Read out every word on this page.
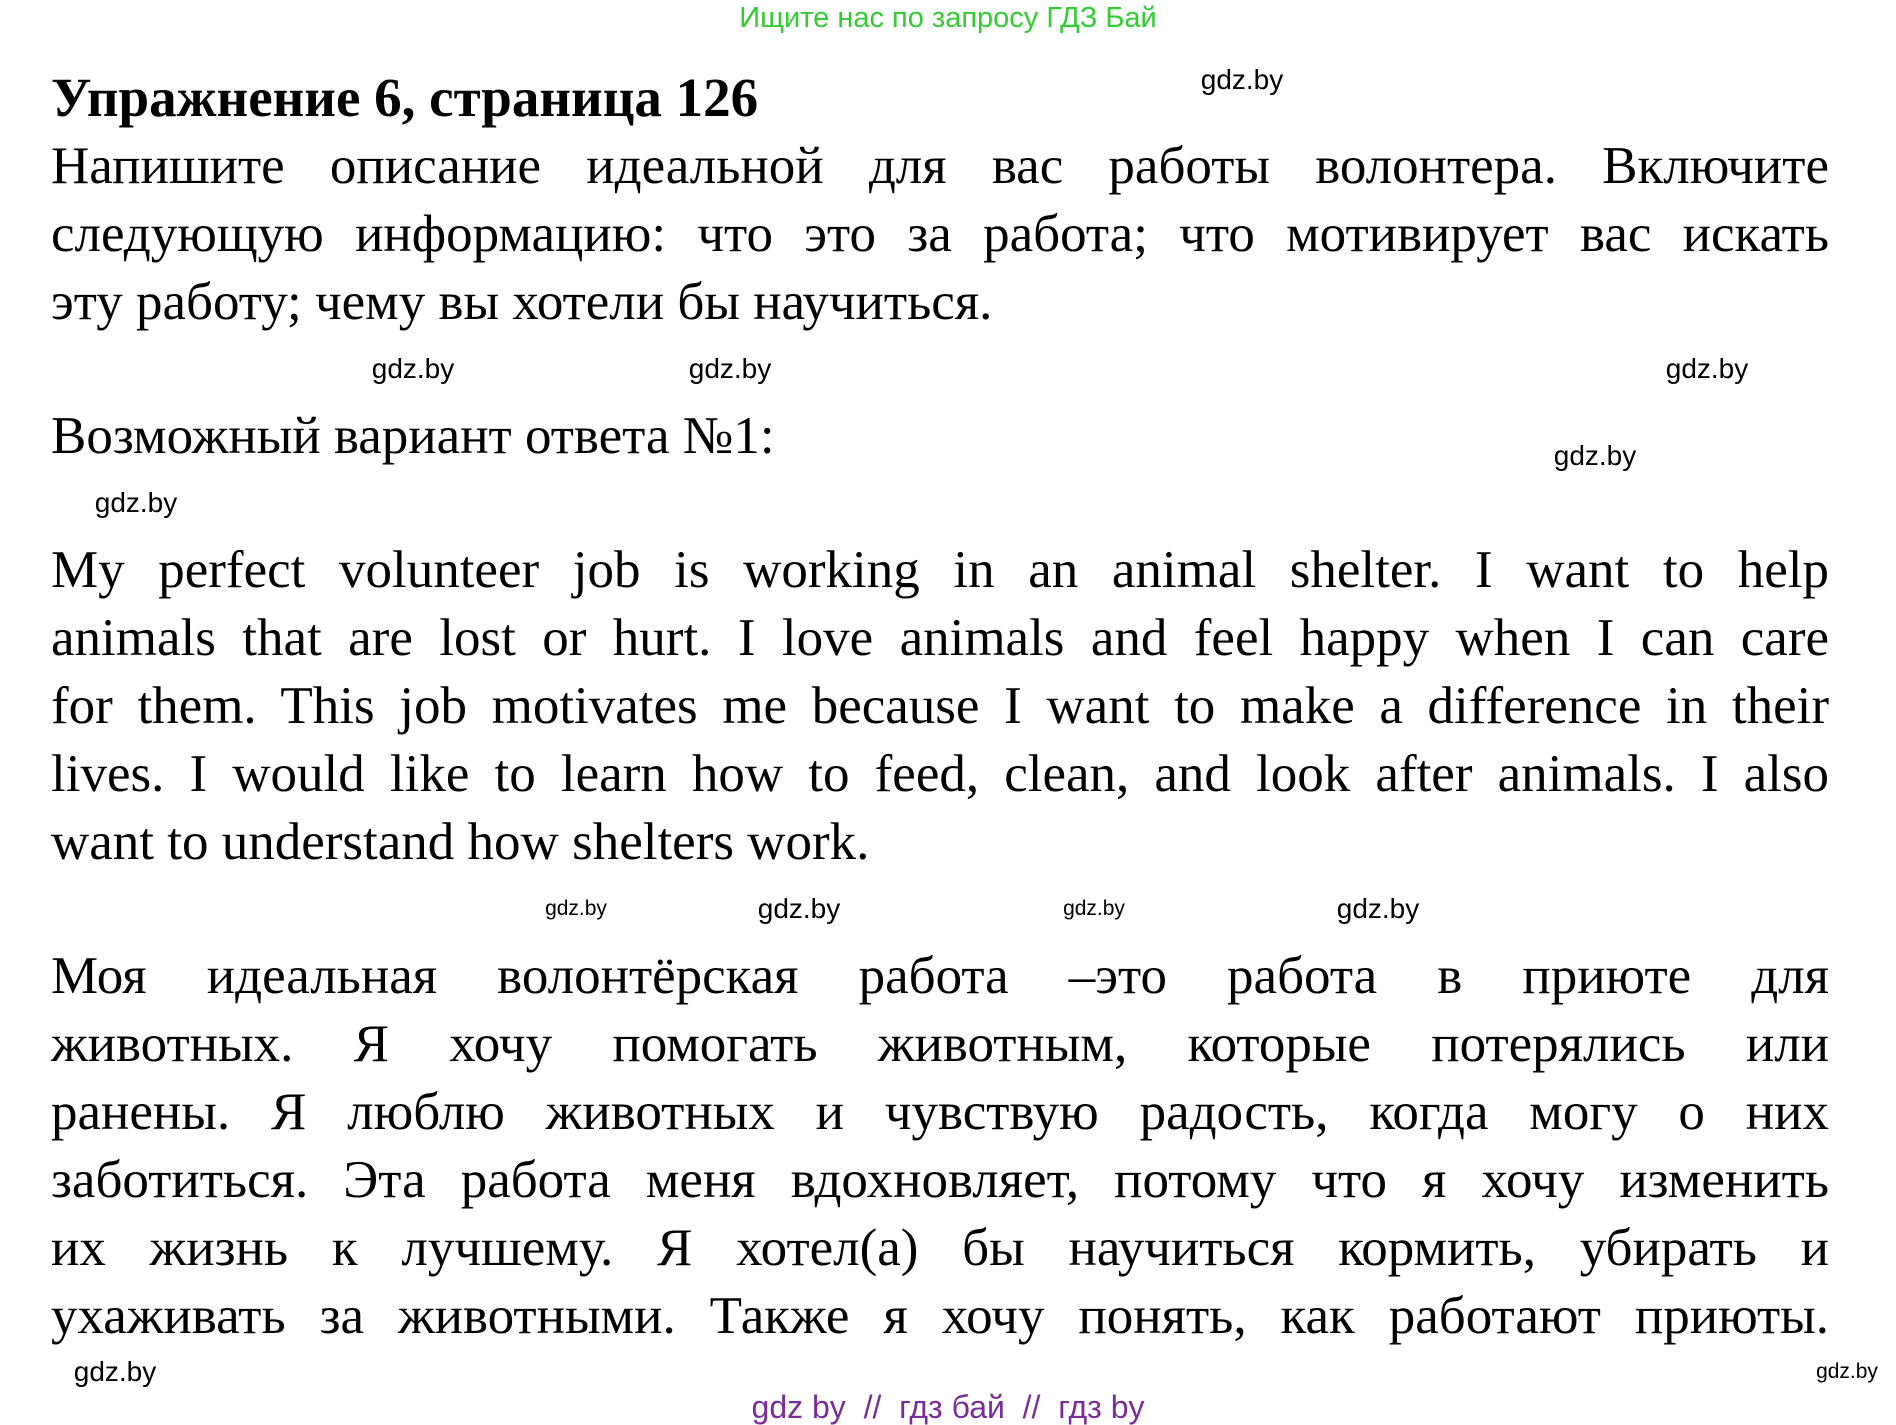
Ищите нас по запросу ГДЗ Бай
Упражнение 6, страница 126
Напишите описание идеальной для вас работы волонтера. Включите
следующую информацию: что это за работа; что мотивирует вас искать
эту работу; чему вы хотели бы научиться.
Возможный вариант ответа №1:
My perfect volunteer job is working in an animal shelter. I want to help
animals that are lost or hurt. I love animals and feel happy when I can care
for them. This job motivates me because I want to make a difference in their
lives. I would like to learn how to feed, clean, and look after animals. I also
want to understand how shelters work.
Моя идеальная волонтёрская работа –это работа в приюте для
животных. Я хочу помогать животным, которые потерялись или
ранены. Я люблю животных и чувствую радость, когда могу о них
заботиться. Эта работа меня вдохновляет, потому что я хочу изменить
их жизнь к лучшему. Я хотел(а) бы научиться кормить, убирать и
ухаживать за животными. Также я хочу понять, как работают приюты.
gdz.by
gdz.by
gdz.by
gdz.by
gdz.by
gdz.by
gdz.by
gdz.by	gdz.by
gdz.by
gdz.by
gdz.by
gdz by  //  гдз бай  //  гдз by
